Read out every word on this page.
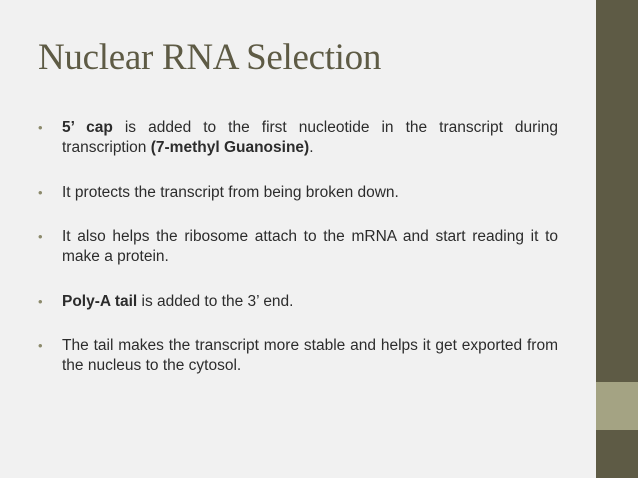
Nuclear RNA Selection
• 5’ cap is added to the first nucleotide in the transcript during transcription (7-methyl Guanosine).
• It protects the transcript from being broken down.
• It also helps the ribosome attach to the mRNA and start reading it to make a protein.
• Poly-A tail is added to the 3’ end.
• The tail makes the transcript more stable and helps it get exported from the nucleus to the cytosol.
